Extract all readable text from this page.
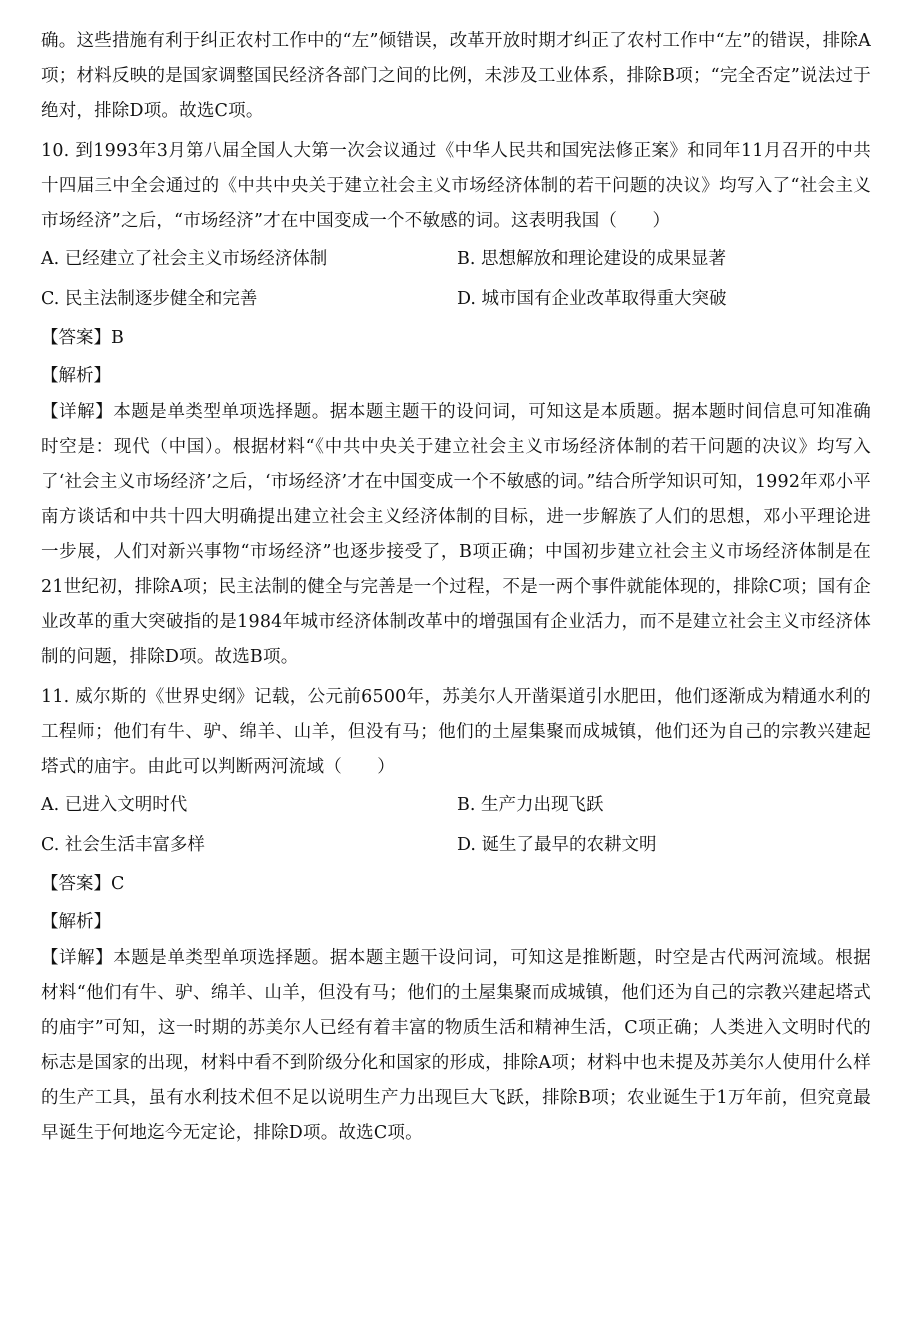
确。这些措施有利于纠正农村工作中的“左”倾错误，改革开放时期才纠正了农村工作中“左”的错误，排除A项；材料反映的是国家调整国民经济各部门之间的比例，未涉及工业体系，排除B项；“完全否定”说法过于绝对，排除D项。故选C项。

10. 到1993年3月第八届全国人大第一次会议通过《中华人民共和国宪法修正案》和同年11月召开的中共十四届三中全会通过的《中共中央关于建立社会主义市场经济体制的若干问题的决议》均写入了“社会主义市场经济”之后，“市场经济”才在中国变成一个不敏感的词。这表明我国（　　）

A. 已经建立了社会主义市场经济体制	B. 思想解放和理论建设的成果显著
C. 民主法制逐步健全和完善	D. 城市国有企业改革取得重大突破
【答案】B
【解析】

【详解】本题是单类型单项选择题。据本题主题干的设问词，可知这是本质题。据本题时间信息可知准确时空是：现代（中国）。根据材料“《中共中央关于建立社会主义市场经济体制的若干问题的决议》均写入了‘社会主义市场经济’之后，‘市场经济’才在中国变成一个不敏感的词。”结合所学知识可知，1992年邓小平南方谈话和中共十四大明确提出建立社会主义经济体制的目标，进一步解族了人们的思想，邓小平理论进一步展，人们对新兴事物“市场经济”也逐步接受了，B项正确；中国初步建立社会主义市场经济体制是在21世纪初，排除A项；民主法制的健全与完善是一个过程，不是一两个事件就能体现的，排除C项；国有企业改革的重大突破指的是1984年城市经济体制改革中的增强国有企业活力，而不是建立社会主义市经济体制的问题，排除D项。故选B项。

11. 威尔斯的《世界史纲》记载，公元前6500年，苏美尔人开凿渠道引水肥田，他们逐渐成为精通水利的工程师；他们有牛、驴、绵羊、山羊，但没有马；他们的土屋集聚而成城镇，他们还为自己的宗教兴建起塔式的庙宇。由此可以判断两河流域（　　）

A. 已进入文明时代	B. 生产力出现飞跃
C. 社会生活丰富多样	D. 诞生了最早的农耕文明
【答案】C
【解析】

【详解】本题是单类型单项选择题。据本题主题干设问词，可知这是推断题，时空是古代两河流域。根据材料“他们有牛、驴、绵羊、山羊，但没有马；他们的土屋集聚而成城镇，他们还为自己的宗教兴建起塔式的庙宇”可知，这一时期的苏美尔人已经有着丰富的物质生活和精神生活，C项正确；人类进入文明时代的标志是国家的出现，材料中看不到阶级分化和国家的形成，排除A项；材料中也未提及苏美尔人使用什么样的生产工具，虽有水利技术但不足以说明生产力出现巨大飞跃，排除B项；农业诞生于1万年前，但究竟最早诞生于何地迄今无定论，排除D项。故选C项。
